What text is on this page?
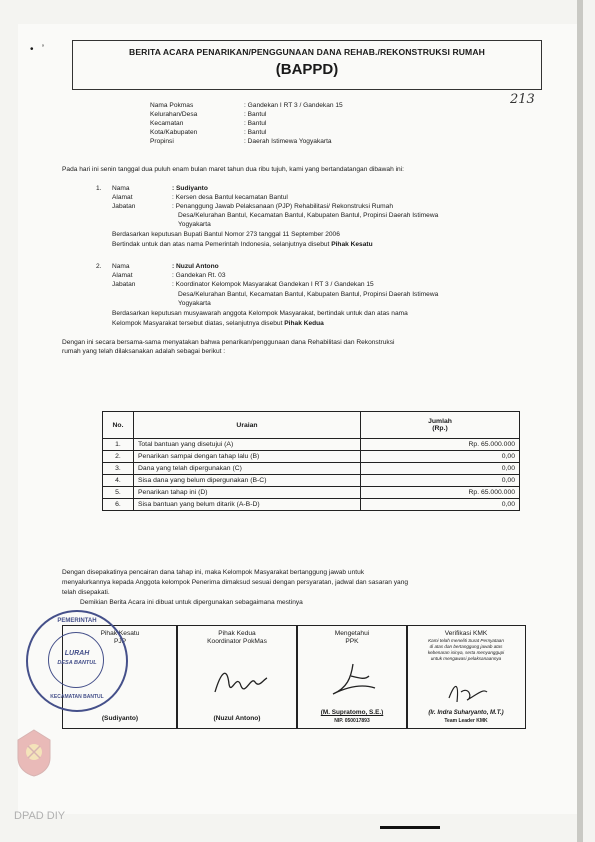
•   ʼ	BERITA ACARA PENARIKAN/PENGGUNAAN DANA REHAB./REKONSTRUKSI RUMAH
(BAPPD)
213
Nama Pokmas	: Gandekan I RT 3 / Gandekan 15
Kelurahan/Desa	: Bantul
Kecamatan	: Bantul
Kota/Kabupaten	: Bantul
Propinsi	: Daerah Istimewa Yogyakarta
Pada hari ini senin tanggal dua puluh enam bulan maret tahun dua ribu tujuh, kami yang bertandatangan dibawah ini:
1. Nama	: Sudiyanto
Alamat	: Kersen desa Bantul kecamatan Bantul
Jabatan	: Penanggung Jawab Pelaksanaan (PJP) Rehabilitasi/ Rekonstruksi Rumah
Desa/Kelurahan Bantul, Kecamatan Bantul, Kabupaten Bantul, Propinsi Daerah Istimewa
Yogyakarta
Berdasarkan keputusan Bupati Bantul Nomor 273 tanggal 11 September 2006
Bertindak untuk dan atas nama Pemerintah Indonesia, selanjutnya disebut Pihak Kesatu
2. Nama	: Nuzul Antono
Alamat	: Gandekan Rt. 03
Jabatan	: Koordinator Kelompok Masyarakat Gandekan I RT 3 / Gandekan 15
Desa/Kelurahan Bantul, Kecamatan Bantul, Kabupaten Bantul, Propinsi Daerah Istimewa
Yogyakarta
Berdasarkan keputusan musyawarah anggota Kelompok Masyarakat, bertindak untuk dan atas nama
Kelompok Masyarakat tersebut diatas, selanjutnya disebut Pihak Kedua
Dengan ini secara bersama-sama menyatakan bahwa penarikan/penggunaan dana Rehabilitasi dan Rekonstruksi
rumah yang telah dilaksanakan adalah sebagai berikut :
No.	Uraian	Jumlah
(Rp.)

1.	Total bantuan yang disetujui (A)	Rp. 65.000.000
2.	Penarikan sampai dengan tahap lalu (B)	0,00
3.	Dana yang telah dipergunakan (C)	0,00
4.	Sisa dana yang belum dipergunakan (B-C)	0,00
5.	Penarikan tahap ini (D)	Rp. 65.000.000
6.	Sisa bantuan yang belum ditarik (A-B-D)	0,00
Dengan disepakatinya pencairan dana tahap ini, maka Kelompok Masyarakat bertanggung jawab untuk
menyalurkannya kepada Anggota kelompok Penerima dimaksud sesuai dengan persyaratan, jadwal dan sasaran yang
telah disepakati.
Demikian Berita Acara ini dibuat untuk dipergunakan sebagaimana mestinya
Pihak Kesatu
PJP
(Sudiyanto)
Pihak Kedua
Koordinator PokMas
(Nuzul Antono)
Mengetahui
PPK
(M. Supratomo, S.E.)
NIP. 050017893
Verifikasi KMK
Kami telah meneliti Surat Pernyataan
di atas dan bertanggung jawab atas
kebenaran isinya, serta menyanggupi
untuk mengawasi pelaksanaannya
(Ir. Indra Suharyanto, M.T.)
Team Leader KMK
PEMERINTAH
LURAH
DESA BANTUL
KECAMATAN BANTUL
DPAD DIY
